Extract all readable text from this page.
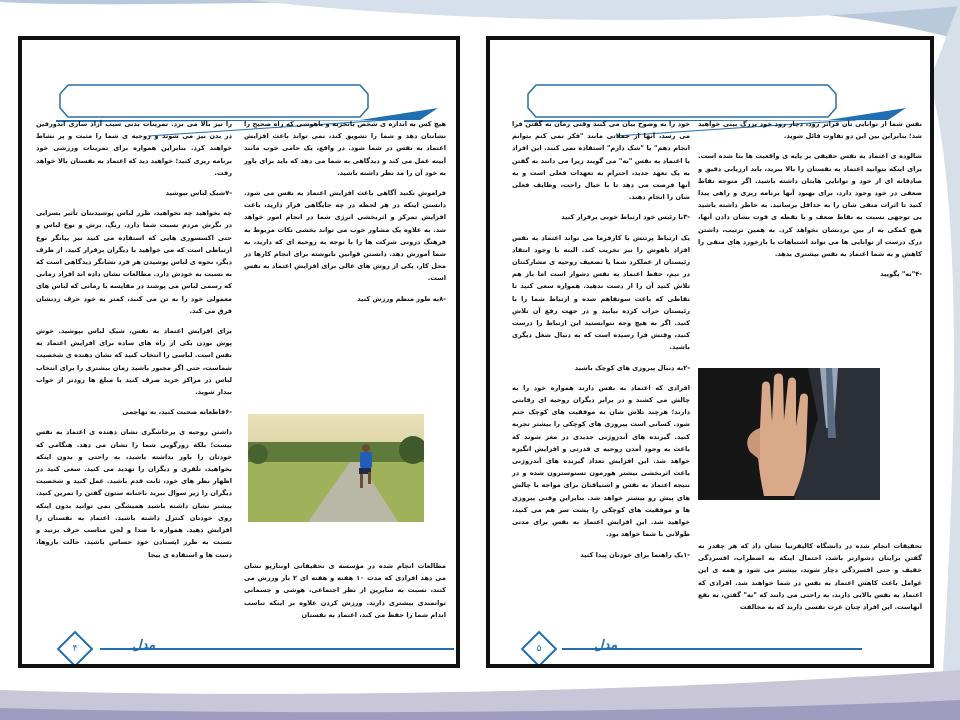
هیچ کس به اندازه ی شخص باتجربه و باهوشی که راه صحیح را نشانتان دهد و شما را تشویق کند، نمی تواند باعث افزایش اعتماد به نفس در شما شود. در واقع، یک حامی خوب مانند آیینه عمل می کند و دیدگاهی به شما می دهد که باید برای باور به خود آن را مد نظر داشته باشید.

فراموش نکنید آگاهی باعث افزایش اعتماد به نفس می شود. دانستن اینکه در هر لحظه در چه جایگاهی قرار دارید، باعث افزایش تمرکز و اثربخشی انرژی شما در انجام امور خواهد شد. به علاوه یک مشاور خوب می تواند بخشی نکات مربوط به فرهنگ درونی شرکت ها را با توجه به روحیه ای که دارید، به شما آموزش دهد. دانستن قوانین نانوشته برای انجام کارها در محل کار، یکی از روش های عالی برای افزایش اعتماد به نفس است.

-۸به طور منظم ورزش کنید

مطالعات انجام شده در مؤسسه ی تحقیقاتی اونتاریو نشان می دهد افرادی که مدت ۱۰ هفته و هفته ای ۲ بار ورزش می کنند، نسبت به سایرین از نظر اجتماعی، هوشی و جسمانی توانمندی بیشتری دارند. ورزش کردن علاوه بر اینکه تناسب اندام شما را حفظ می کند، اعتماد به نفستان

را نیز بالا می برد. تمرینات بدنی سبب آزاد سازی اندورفین در بدن نیز می شوند و روحیه ی شما را مثبت و پر نشاط خواهند کرد. بنابراین همواره برای تمرینات ورزشی خود برنامه ریزی کنید؛ خواهید دید که اعتماد به نفستان بالا خواهد رفت.

-۷شیک لباس بپوشید

چه بخواهید چه نخواهید، طرز لباس پوشیدنتان تأثیر بسزایی در نگرش مردم نسبت شما دارد. رنگ، برش و نوع لباس و حتی اکسسوری هایی که استفاده می کنید نیز بیانگر نوع ارتباطی است که می خواهید با دیگران برقرار کنید. از طرف دیگر، نحوه ی لباس پوشیدن هر فرد نشانگر دیدگاهی است که به نسبت به خودش دارد. مطالعات نشان داده اند افراد زمانی که رسمی لباس می پوشند در مقایسه با زمانی که لباس های معمولی خود را به تن می کنند، کمتر به خود حرف زدنشان فرق می کند.

برای افزایش اعتماد به نفس، شیک لباس بپوشید. خوش پوش بودن یکی از راه های ساده برای افزایش اعتماد به نفس است. لباسی را انتخاب کنید که نشان دهنده ی شخصیت شماست، حتی اگر مجبور باشید زمان بیشتری را برای انتخاب لباس در مراکز خرید صرف کنید یا مبلغ ها زودتر از خواب بیدار شوید.

-۶قاطعانه صحبت کنید، نه تهاجمی

داشتن روحیه ی پرخاشگری نشان دهنده ی اعتماد به نفس نیست؛ بلکه زورگویی شما را نشان می دهد. هنگامی که خودتان را باور نداشته باشید، به راحتی و بدون اینکه بخواهید، تلفری و دیگران را تهدید می کنید. سعی کنید در اظهار نظر های خود، ثابت قدم باشید. عمل کنید و شخصیت دیگران را زیر سوال ببرید ناخنانه ستون گفتن را تمرین کنید. بیشتر نشان داشته باشید همیشگی نمی توانید بدون اینکه روی خودتان کنترل داشته باشید. اعتماد به نفستان را افزایش دهید. همواره با صدا و لحن مناسب حرف بزنید و نسبت به طرز ایستادن خود حساس باشید، حالت بازوها، دست ها و استفاده ی بیجا

مدل
۴

نفس شما از توانایی تان فراتر رود، دچار رود خود بزرگ بینی خواهید شد؛ بنابراین بین این دو تفاوت قائل شوید.

شالوده ی اعتماد به نفس حقیقی بر پایه ی واقعیت ها بنا شده است. برای اینکه بتوانید اعتماد به نفستان را بالا ببرید، باید ارزیابی دقیق و صادقانه ای از خود و توانایی هایتان داشته باشید. اگر متوجه نقاط ضعفی در خود وجود دارد، برای بهبود آنها برنامه ریزی و راهی پیدا کنید تا اثرات منفی شان را به حداقل برسانید. به خاطر داشته باشید بی توجهی نسبت به نقاط ضعف و یا نقطه ی قوت نشان دادن آنها، هیچ کمکی به از بین بردنشان نخواهد کرد. به همین ترتیب، داشتن درک درست از توانایی ها می تواند اشتباهات یا بازخورد های منفی را کاهش و به شما اعتماد به نفس بیشتری بدهد.

-۴"نه" بگویید

تحقیقات انجام شده در دانشگاه کالیفرنیا نشان داد که هر چقدر نه گفتن برایتان دشوارتر باشد، احتمال اینکه به اضطراب، افسردگی خفیف و حتی افسردگی دچار شوید، بیشتر می شود و همه ی این عوامل باعث کاهش اعتماد به نفس در شما خواهند شد. افرادی که اعتماد به نفس بالایی دارند، به راحتی می دانند که "نه" گفتن، به نفع آنهاست. این افراد چنان عزت نفسی دارند که به مخالفت

خود را به وضوح بیان می کنند وقتی زمان نه گفتن فرا می رسد، آنها از جملاتی مانند "فکر نمی کنم بتوانم انجام دهم" یا "شک دارم" استفاده نمی کنند. این افراد با اعتماد به نفس "نه" می گویند زیرا می دانند نه گفتن به یک تعهد جدید، احترام به تعهدات فعلی است و به آنها فرصت می دهد تا با خیال راحت، وظایف فعلی شان را انجام دهند.

-۳با رئیس خود ارتباط خوبی برقرار کنید

یک ارتباط پرتنش با کارفرما می تواند اعتماد به نفس افراد باهوش را نیز تخریب کند. البته با وجود انتقاد رئیستان از عملکرد شما یا تضعیف روحیه ی مشارکتتان در تیم، حفظ اعتماد به نفس دشوار است اما باز هم تلاش کنید آن را از دست ندهید. همواره سعی کنید تا نقاطی که باعث سوتفاهم شده و ارتباط شما را با رئیستان خراب کرده بیابید و در جهت رفع آن تلاش کنید. اگر به هیچ وجه نتوانستید این ارتباط را درست کنید، وقتش فرا رسیده است که به دنبال شغل دیگری باشید.

-۲به دنبال پیروزی های کوچک باشید

افرادی که اعتماد به نفس دارند همواره خود را به چالش می کشند و در برابر دیگران روحیه ای رقابتی دارند؛ هرچند تلاش شان به موفقیت های کوچک ختم شود. کسانی است پیروزی های کوچکی را بیشتر تجربه کنید. گیرنده های آندروژنی جدیدی در مغز شوند که باعث به وجود آمدن روحیه ی قدرتی و افزایش انگیزه خواهد شد. این افزایش تعداد گیرنده های آندروژنی باعث اثربخشی بیشتر هورمون تستوسترون شده و در نتیجه اعتماد به نفس و اشتیاقتان برای مواجه با چالش های پیش رو بیشتر خواهد شد. بنابراین وقتی پیروزی ها و موفقیت های کوچکی را پشت سر هم می کنید، خواهید شد. این افزایش اعتماد به نفس برای مدتی طولانی با شما خواهد بود.

-۱یک راهنما برای خودتان پیدا کنید

مدل
۵
